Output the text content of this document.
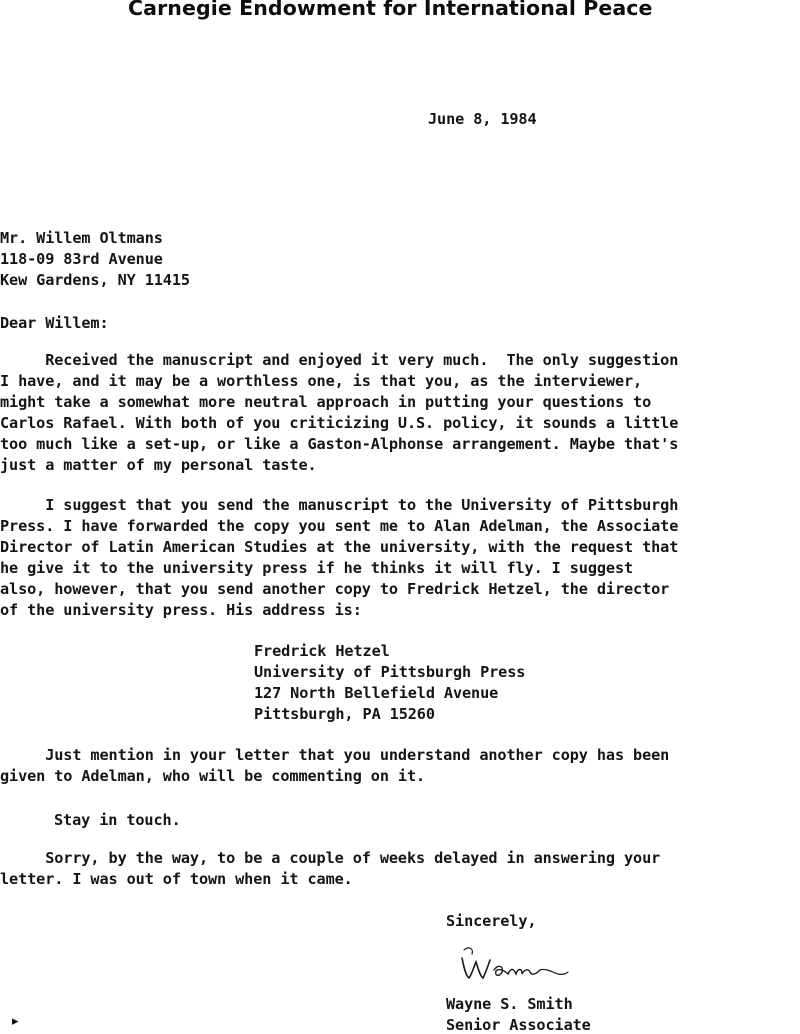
Carnegie Endowment for International Peace
June 8, 1984
Mr. Willem Oltmans
118-09 83rd Avenue
Kew Gardens, NY 11415
Dear Willem:
Received the manuscript and enjoyed it very much.  The only suggestion
I have, and it may be a worthless one, is that you, as the interviewer,
might take a somewhat more neutral approach in putting your questions to
Carlos Rafael. With both of you criticizing U.S. policy, it sounds a little
too much like a set-up, or like a Gaston-Alphonse arrangement. Maybe that's
just a matter of my personal taste.
I suggest that you send the manuscript to the University of Pittsburgh
Press. I have forwarded the copy you sent me to Alan Adelman, the Associate
Director of Latin American Studies at the university, with the request that
he give it to the university press if he thinks it will fly. I suggest
also, however, that you send another copy to Fredrick Hetzel, the director
of the university press. His address is:
Fredrick Hetzel
University of Pittsburgh Press
127 North Bellefield Avenue
Pittsburgh, PA 15260
Just mention in your letter that you understand another copy has been
given to Adelman, who will be commenting on it.
Stay in touch.
Sorry, by the way, to be a couple of weeks delayed in answering your
letter. I was out of town when it came.
Sincerely,
Wayne S. Smith
Senior Associate
▸
